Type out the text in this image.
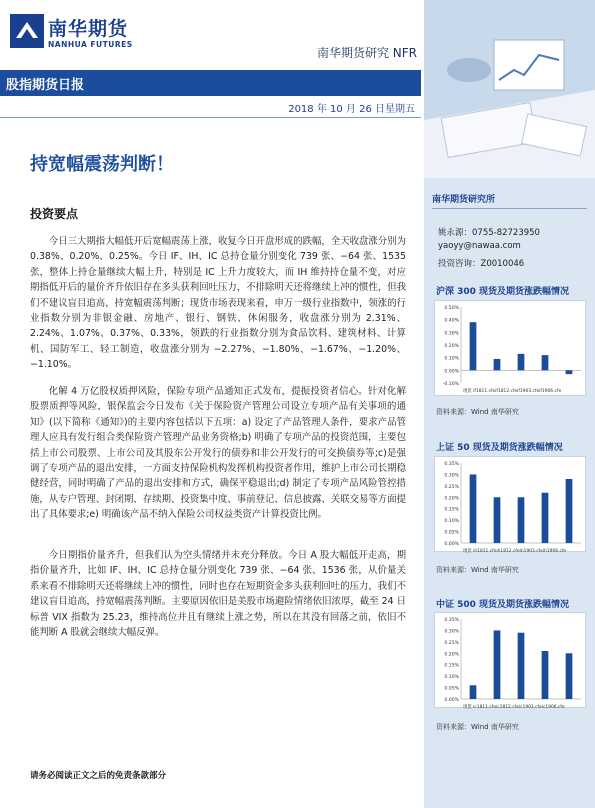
南华期货
NANHUA FUTURES
南华期货研究 NFR
股指期货日报
2018 年 10 月 26 日星期五
持宽幅震荡判断！
投资要点

今日三大期指大幅低开后宽幅震荡上涨，收复今日开盘形成的跌幅，全天收盘涨分别为 0.38%、0.20%、0.25%。今日 IF、IH、IC 总持仓量分别变化 739 张、−64 张、1535 张，整体上持仓量继续大幅上升，特别是 IC 上升力度较大，而 IH 维持持仓量不变，对应期指低开后的量价齐升依旧存在多头获利回吐压力，不排除明天还将继续上冲的惯性，但我们不建议盲目追高，持宽幅震荡判断；现货市场表现来看，申万一级行业指数中，领涨的行业指数分别为非银金融、房地产、银行、钢铁、休闲服务，收盘涨分别为 2.31%、2.24%、1.07%、0.37%、0.33%，领跌的行业指数分别为食品饮料、建筑材料、计算机、国防军工、轻工制造，收盘涨分别为 −2.27%、−1.80%、−1.67%、−1.20%、−1.10%。

化解 4 万亿股权质押风险，保险专项产品通知正式发布，提振投资者信心。针对化解股票质押等风险，银保监会今日发布《关于保险资产管理公司设立专项产品有关事项的通知》(以下简称《通知》)的主要内容包括以下五项：a) 设定了产品管理人条件，要求产品管理人应具有发行组合类保险资产管理产品业务资格;b) 明确了专项产品的投资范围，主要包括上市公司股票、上市公司及其股东公开发行的债券和非公开发行的可交换债券等;c)是强调了专项产品的退出安排，一方面支持保险机构发挥机构投资者作用，维护上市公司长期稳健经营，同时明确了产品的退出安排和方式，确保平稳退出;d) 制定了专项产品风险管控措施，从专户管理、封闭期、存续期、投资集中度、事前登记、信息披露、关联交易等方面提出了具体要求;e) 明确该产品不纳入保险公司权益类资产计算投资比例。

今日期指价量齐升，但我们认为空头情绪并未充分释放。今日 A 股大幅低开走高，期指价量齐升，比如 IF、IH、IC 总持仓量分别变化 739 张、−64 张、1536 张，从价量关系来看不排除明天还将继续上冲的惯性，同时也存在短期资金多头获利回吐的压力，我们不建议盲目追高，持宽幅震荡判断。主要原因依旧是美股市场避险情绪依旧浓厚，截至 24 日标普 VIX 指数为 25.23，维持高位并且有继续上涨之势，所以在其没有回落之前，依旧不能判断 A 股就会继续大幅反弹。

请务必阅读正文之后的免责条款部分
南华期货研究所
姚永源：0755-82723950
yaoyy@nawaa.com
投资咨询：Z0010046
沪深 300 现货及期货涨跌幅情况
0.50%
0.40%
0.30%
0.20%
0.10%
0.00%
-0.10%
现货 if1811.cfeif1812.cfeif1903.cfeif1906.cfe
资料来源：Wind 南华研究
上证 50 现货及期货涨跌幅情况
0.35%
0.30%
0.25%
0.20%
0.15%
0.10%
0.05%
0.00%
现货 ih1811.cfeih1812.cfeih1903.cfeih1906.cfe
资料来源：Wind 南华研究
中证 500 现货及期货涨跌幅情况
0.35%
0.30%
0.25%
0.20%
0.15%
0.10%
0.05%
0.00%
现货 ic1811.cfeic1812.cfeic1903.cfeic1906.cfe
资料来源：Wind 南华研究
